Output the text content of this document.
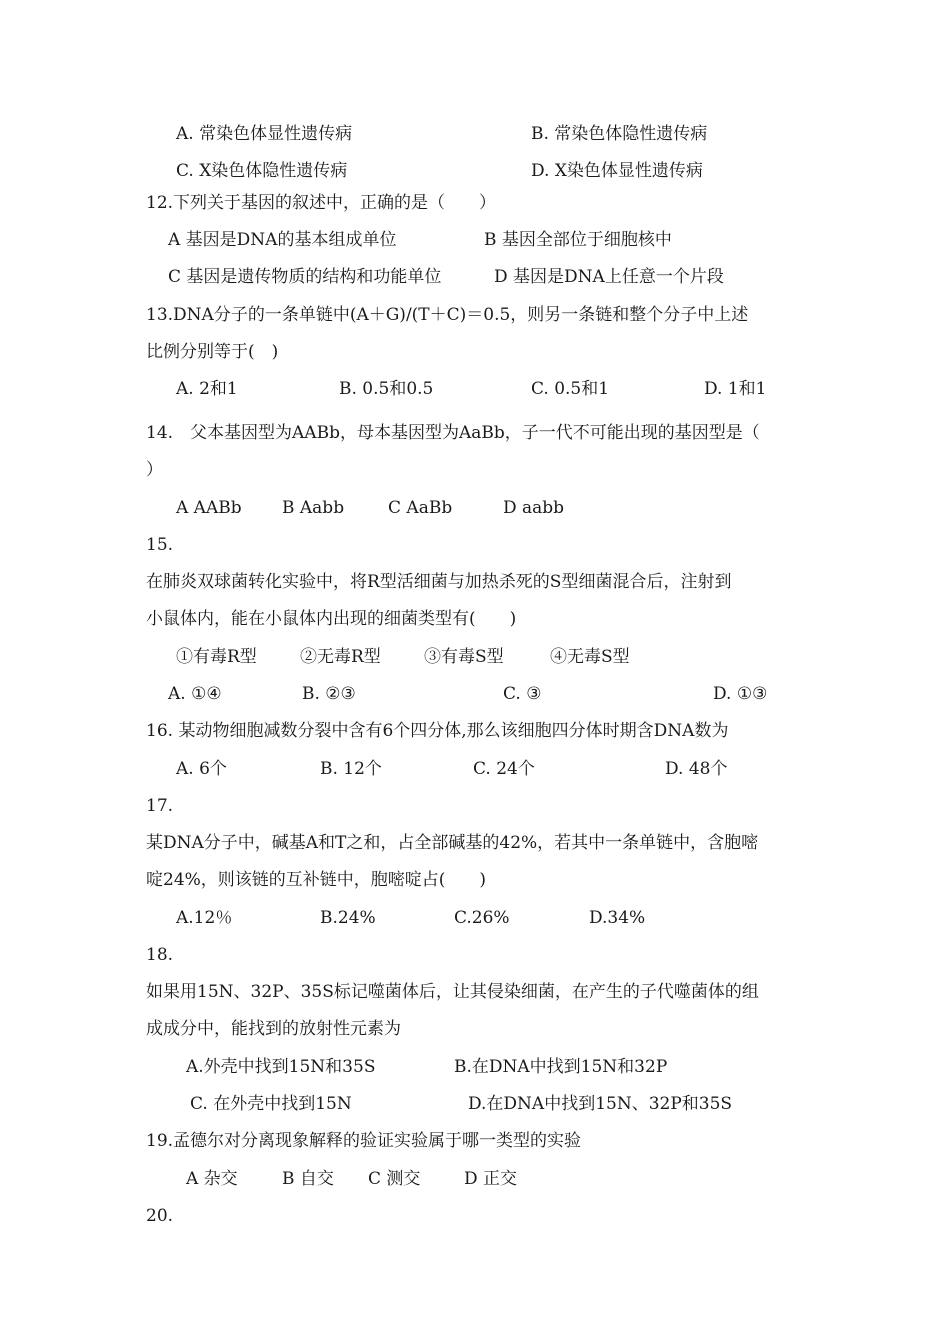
A. 常染色体显性遗传病	B. 常染色体隐性遗传病
C. X染色体隐性遗传病	D. X染色体显性遗传病
12.下列关于基因的叙述中，正确的是（　　）
A 基因是DNA的基本组成单位	B 基因全部位于细胞核中
C 基因是遗传物质的结构和功能单位	D 基因是DNA上任意一个片段
13.DNA分子的一条单链中(A＋G)/(T＋C)＝0.5，则另一条链和整个分子中上述
比例分别等于(　)
A. 2和1	B. 0.5和0.5	C. 0.5和1	D. 1和1
14.　父本基因型为AABb，母本基因型为AaBb，子一代不可能出现的基因型是（
）
A AABb B Aabb	C AaBb	D aabb
15.
在肺炎双球菌转化实验中，将R型活细菌与加热杀死的S型细菌混合后，注射到
小鼠体内，能在小鼠体内出现的细菌类型有(　　)
①有毒R型	②无毒R型	③有毒S型	④无毒S型
A. ①④	B. ②③	C. ③	D. ①③
16. 某动物细胞减数分裂中含有6个四分体,那么该细胞四分体时期含DNA数为
A. 6个	B. 12个	C. 24个	D. 48个
17.
某DNA分子中，碱基A和T之和，占全部碱基的42%，若其中一条单链中，含胞嘧
啶24%，则该链的互补链中，胞嘧啶占(　　)
A.12％	B.24%	C.26%	D.34%
18.
如果用15N、32P、35S标记噬菌体后，让其侵染细菌，在产生的子代噬菌体的组
成成分中，能找到的放射性元素为
A.外壳中找到15N和35S	B.在DNA中找到15N和32P
C. 在外壳中找到15N	D.在DNA中找到15N、32P和35S
19.孟德尔对分离现象解释的验证实验属于哪一类型的实验
A 杂交	B 自交 C 测交	D 正交
20.
